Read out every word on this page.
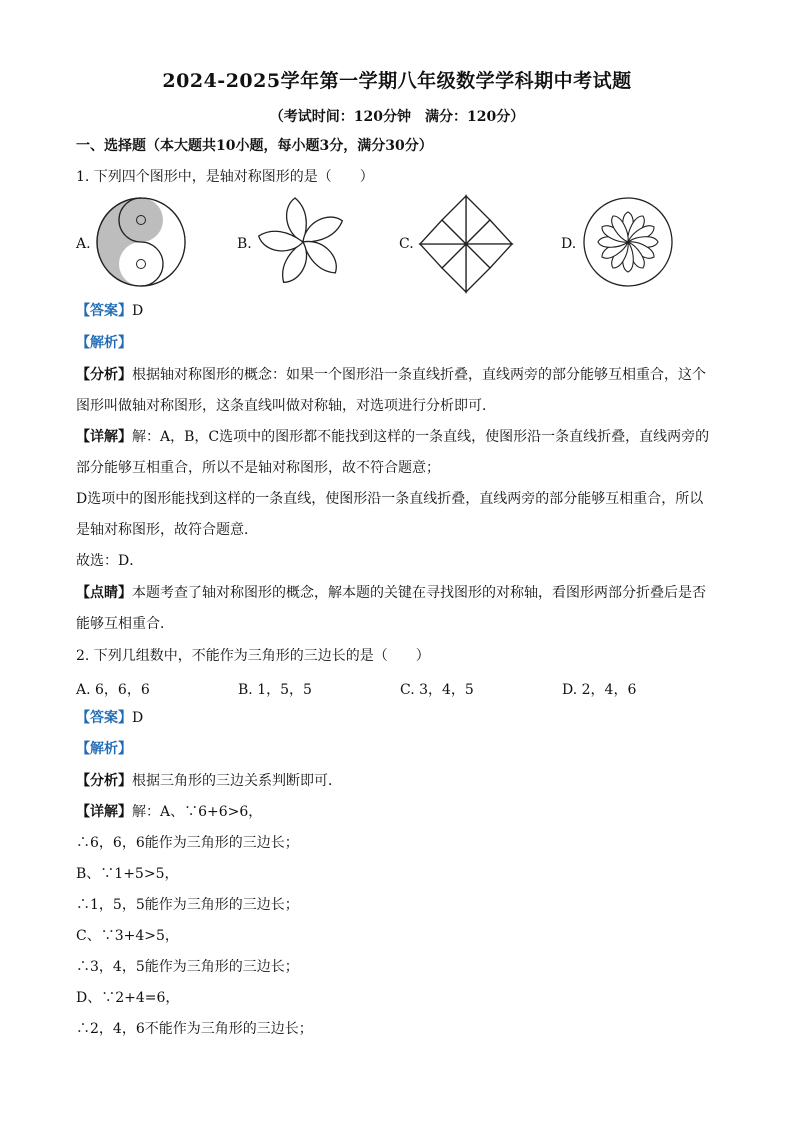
2024-2025学年第一学期八年级数学学科期中考试题
（考试时间：120分钟　满分：120分）
一、选择题（本大题共10小题，每小题3分，满分30分）
1. 下列四个图形中，是轴对称图形的是（　　）
A.	B.	C.	D.
【答案】D
【解析】
【分析】根据轴对称图形的概念：如果一个图形沿一条直线折叠，直线两旁的部分能够互相重合，这个
图形叫做轴对称图形，这条直线叫做对称轴，对选项进行分析即可．
【详解】解：A，B，C选项中的图形都不能找到这样的一条直线，使图形沿一条直线折叠，直线两旁的
部分能够互相重合，所以不是轴对称图形，故不符合题意；
D选项中的图形能找到这样的一条直线，使图形沿一条直线折叠，直线两旁的部分能够互相重合，所以
是轴对称图形，故符合题意．
故选：D．
【点睛】本题考查了轴对称图形的概念，解本题的关键在寻找图形的对称轴，看图形两部分折叠后是否
能够互相重合．
2. 下列几组数中，不能作为三角形的三边长的是（　　）
A. 6，6，6	B. 1，5，5	C. 3，4，5	D. 2，4，6
【答案】D
【解析】
【分析】根据三角形的三边关系判断即可．
【详解】解：A、∵6+6>6，
∴6，6，6能作为三角形的三边长；
B、∵1+5>5，
∴1，5，5能作为三角形的三边长；
C、∵3+4>5，
∴3，4，5能作为三角形的三边长；
D、∵2+4=6，
∴2，4，6不能作为三角形的三边长；
